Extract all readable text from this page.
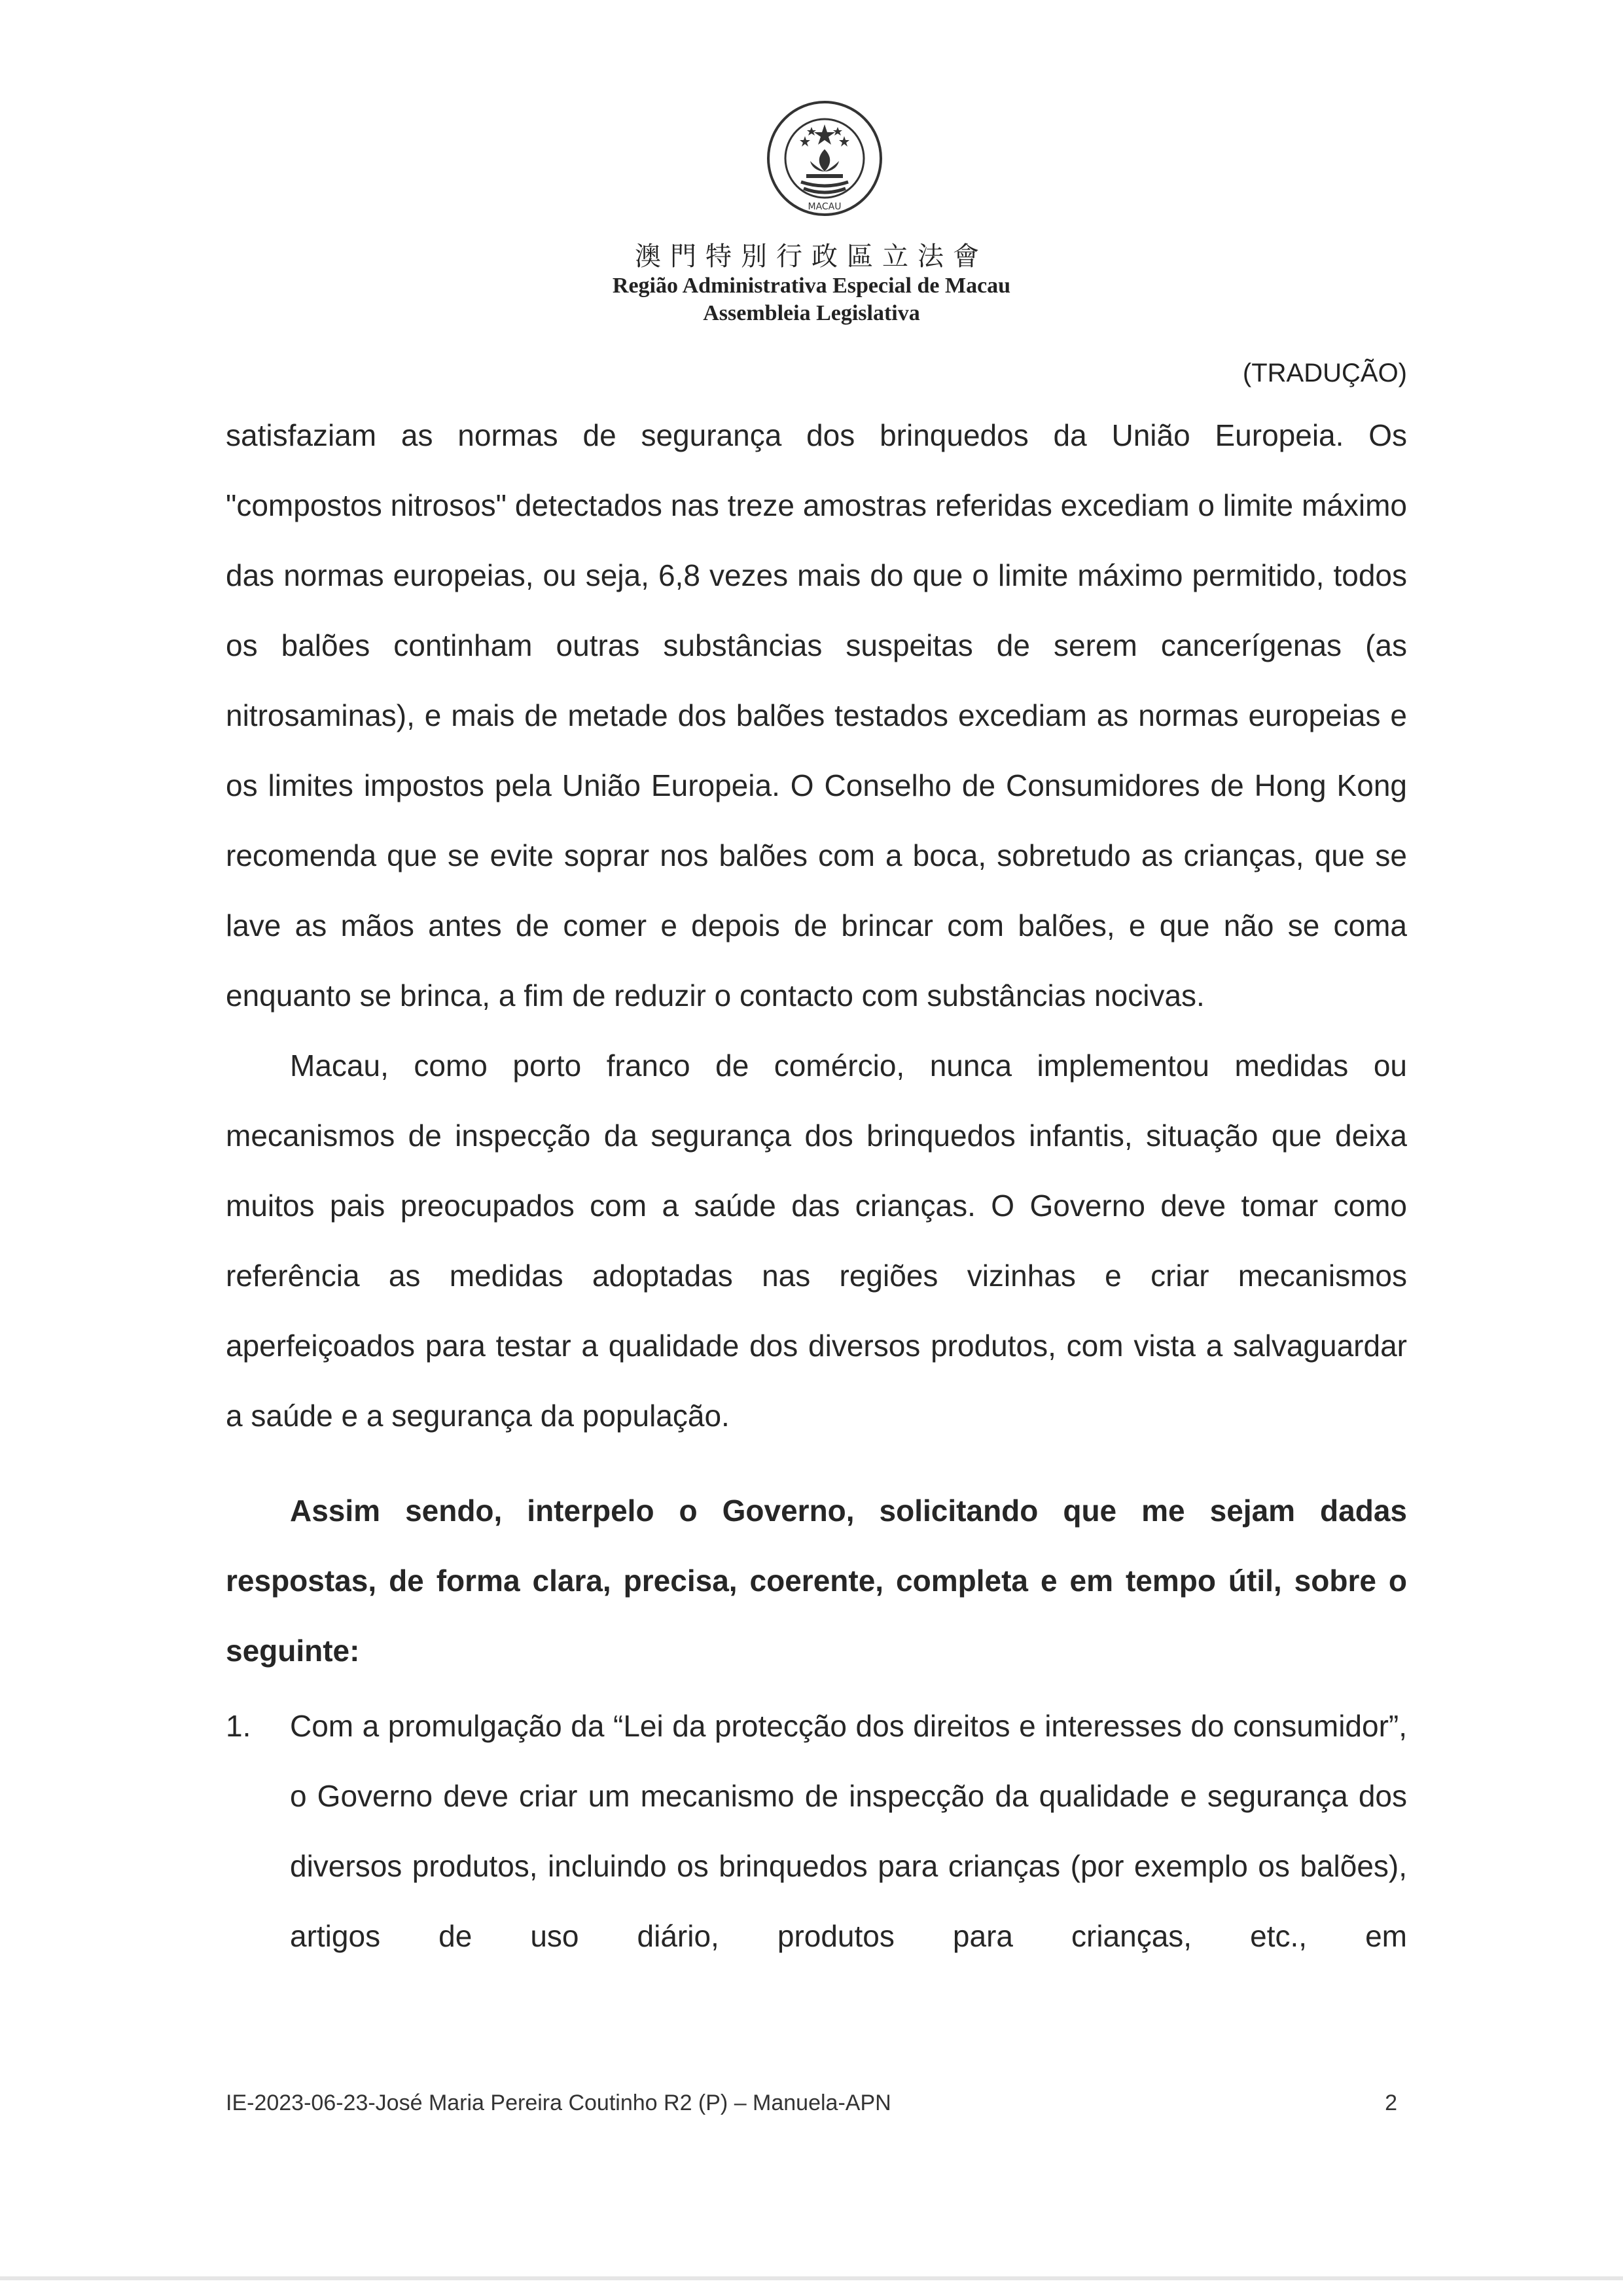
MACAU
澳門特別行政區立法會
Região Administrativa Especial de Macau
Assembleia Legislativa
(TRADUÇÃO)

satisfaziam as normas de segurança dos brinquedos da União Europeia. Os "compostos nitrosos" detectados nas treze amostras referidas excediam o limite máximo das normas europeias, ou seja, 6,8 vezes mais do que o limite máximo permitido, todos os balões continham outras substâncias suspeitas de serem cancerígenas (as nitrosaminas), e mais de metade dos balões testados excediam as normas europeias e os limites impostos pela União Europeia. O Conselho de Consumidores de Hong Kong recomenda que se evite soprar nos balões com a boca, sobretudo as crianças, que se lave as mãos antes de comer e depois de brincar com balões, e que não se coma enquanto se brinca, a fim de reduzir o contacto com substâncias nocivas.

Macau, como porto franco de comércio, nunca implementou medidas ou mecanismos de inspecção da segurança dos brinquedos infantis, situação que deixa muitos pais preocupados com a saúde das crianças. O Governo deve tomar como referência as medidas adoptadas nas regiões vizinhas e criar mecanismos aperfeiçoados para testar a qualidade dos diversos produtos, com vista a salvaguardar a saúde e a segurança da população.

Assim sendo, interpelo o Governo, solicitando que me sejam dadas respostas, de forma clara, precisa, coerente, completa e em tempo útil, sobre o seguinte:

1. Com a promulgação da “Lei da protecção dos direitos e interesses do consumidor”, o Governo deve criar um mecanismo de inspecção da qualidade e segurança dos diversos produtos, incluindo os brinquedos para crianças (por exemplo os balões), artigos de uso diário, produtos para crianças, etc., em
IE-2023-06-23-José Maria Pereira Coutinho R2 (P) – Manuela-APN	2
